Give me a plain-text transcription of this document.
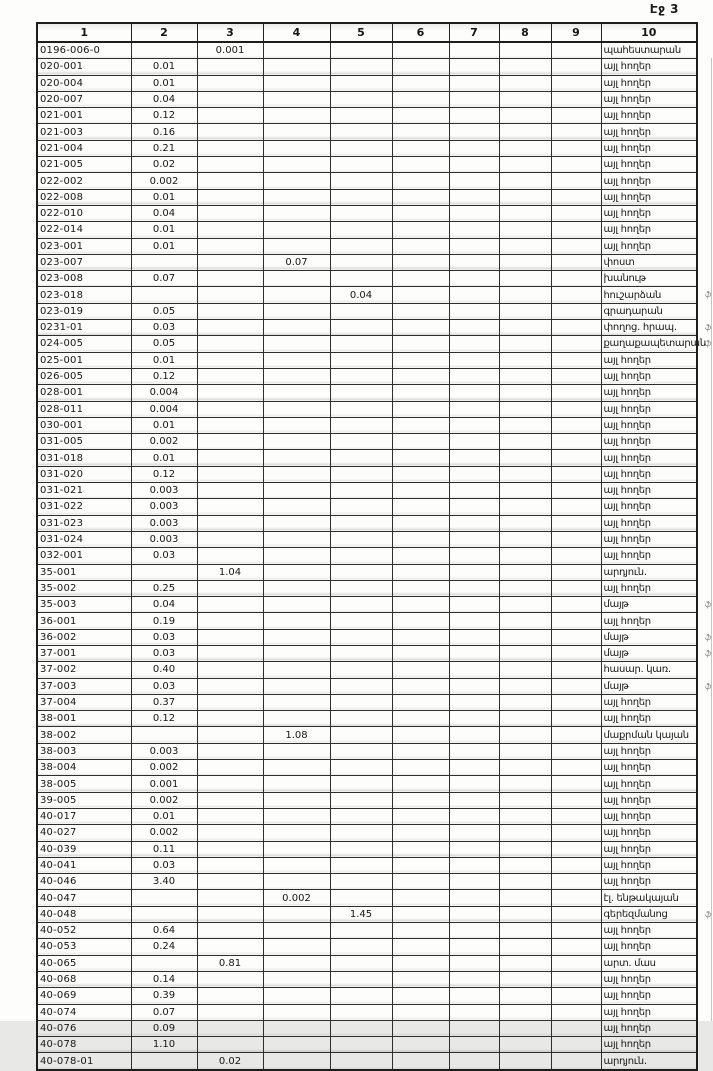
Էջ 3
1	2	3	4	5	6	7	8	9	10
0196-006-0		0.001							պահեստարան
020-001	0.01								այլ հողեր
020-004	0.01								այլ հողեր
020-007	0.04								այլ հողեր
021-001	0.12								այլ հողեր
021-003	0.16								այլ հողեր
021-004	0.21								այլ հողեր
021-005	0.02								այլ հողեր
022-002	0.002								այլ հողեր
022-008	0.01								այլ հողեր
022-010	0.04								այլ հողեր
022-014	0.01								այլ հողեր
023-001	0.01								այլ հողեր
023-007			0.07						փոստ
023-008	0.07								խանութ
023-018				0.04					հուշարձան ֆ

023-019	0.05								գրադարան
0231-01	0.03								փողոց. հրապ. ֆ

024-005	0.05								քաղաքապետարան ֆ

025-001	0.01								այլ հողեր
026-005	0.12								այլ հողեր
028-001	0.004								այլ հողեր
028-011	0.004								այլ հողեր
030-001	0.01								այլ հողեր
031-005	0.002								այլ հողեր
031-018	0.01								այլ հողեր
031-020	0.12								այլ հողեր
031-021	0.003								այլ հողեր
031-022	0.003								այլ հողեր
031-023	0.003								այլ հողեր
031-024	0.003								այլ հողեր
032-001	0.03								այլ հողեր
35-001		1.04							արդյուն.
35-002	0.25								այլ հողեր
35-003	0.04								մայթ ֆ

36-001	0.19								այլ հողեր
36-002	0.03								մայթ ֆ

37-001	0.03								մայթ ֆ

37-002	0.40								հասար. կառ.
37-003	0.03								մայթ ֆ

37-004	0.37								այլ հողեր
38-001	0.12								այլ հողեր
38-002			1.08						մաքրման կայան
38-003	0.003								այլ հողեր
38-004	0.002								այլ հողեր
38-005	0.001								այլ հողեր
39-005	0.002								այլ հողեր
40-017	0.01								այլ հողեր
40-027	0.002								այլ հողեր
40-039	0.11								այլ հողեր
40-041	0.03								այլ հողեր
40-046	3.40								այլ հողեր
40-047			0.002						էլ. ենթակայան
40-048				1.45					գերեզմանոց ֆ

40-052	0.64								այլ հողեր
40-053	0.24								այլ հողեր
40-065		0.81							արտ. մաս
40-068	0.14								այլ հողեր
40-069	0.39								այլ հողեր
40-074	0.07								այլ հողեր
40-076	0.09								այլ հողեր
40-078	1.10								այլ հողեր
40-078-01		0.02							արդյուն.
